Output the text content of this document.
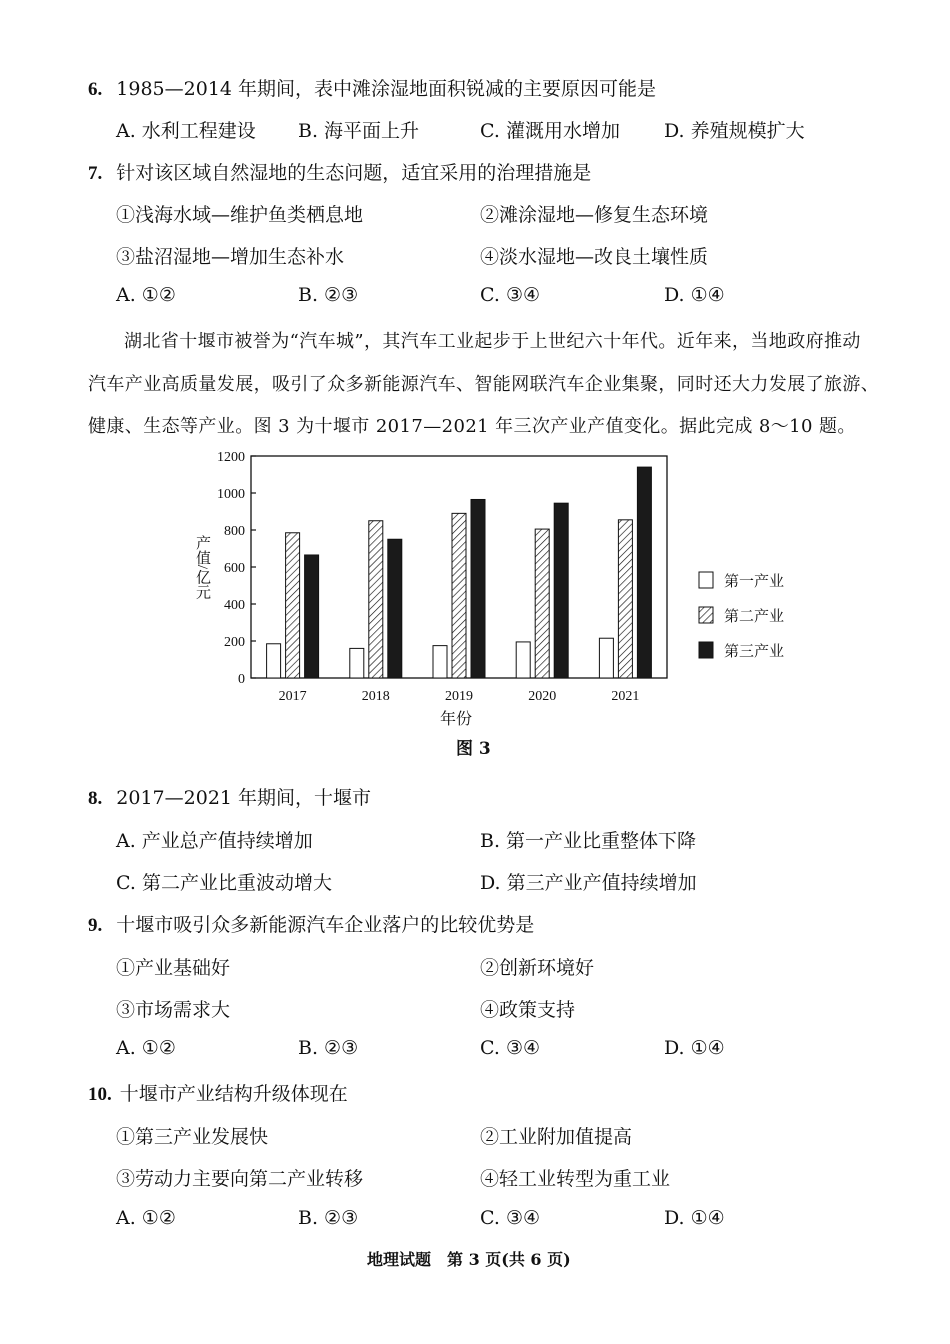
6. 1985—2014 年期间，表中滩涂湿地面积锐减的主要原因可能是
A. 水利工程建设 B. 海平面上升	C. 灌溉用水增加 D. 养殖规模扩大
7. 针对该区域自然湿地的生态问题，适宜采用的治理措施是
①浅海水域—维护鱼类栖息地	②滩涂湿地—修复生态环境
③盐沼湿地—增加生态补水	④淡水湿地—改良土壤性质
A. ①②	B. ②③	C. ③④	D. ①④
湖北省十堰市被誉为“汽车城”，其汽车工业起步于上世纪六十年代。近年来，当地政府推动
汽车产业高质量发展，吸引了众多新能源汽车、智能网联汽车企业集聚，同时还大力发展了旅游、
健康、生态等产业。图 3 为十堰市 2017—2021 年三次产业产值变化。据此完成 8～10 题。
0
200
400
600
800
1000
1200
2017	2018	2019	2020	2021
产值/亿元
年份
第一产业
第二产业
第三产业
图 3
8. 2017—2021 年期间，十堰市
A. 产业总产值持续增加	B. 第一产业比重整体下降
C. 第二产业比重波动增大	D. 第三产业产值持续增加
9. 十堰市吸引众多新能源汽车企业落户的比较优势是
①产业基础好	②创新环境好
③市场需求大	④政策支持
A. ①②	B. ②③	C. ③④	D. ①④
10. 十堰市产业结构升级体现在
①第三产业发展快	②工业附加值提高
③劳动力主要向第二产业转移	④轻工业转型为重工业
A. ①②	B. ②③	C. ③④	D. ①④
地理试题　第 3 页(共 6 页)
